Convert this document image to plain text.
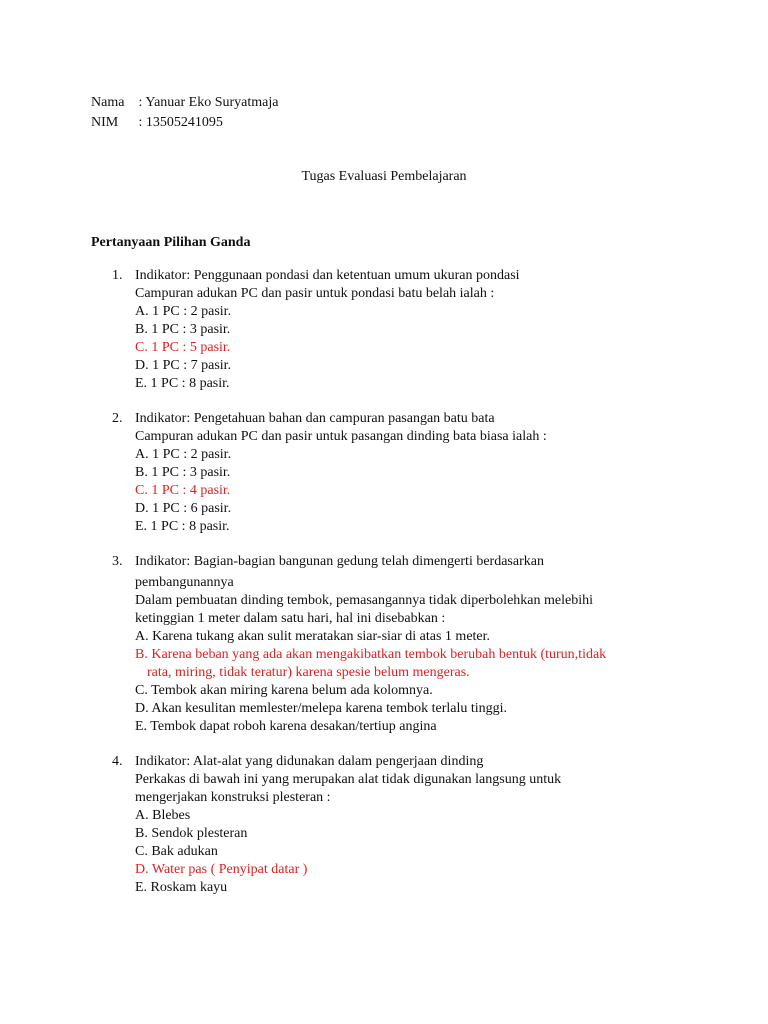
Nama : Yanuar Eko Suryatmaja
NIM : 13505241095
Tugas Evaluasi Pembelajaran
Pertanyaan Pilihan Ganda
1. Indikator: Penggunaan pondasi dan ketentuan umum ukuran pondasi
Campuran adukan PC dan pasir untuk pondasi batu belah ialah :
A. 1 PC : 2 pasir.
B. 1 PC : 3 pasir.
C. 1 PC : 5 pasir.
D. 1 PC : 7 pasir.
E. 1 PC : 8 pasir.
2. Indikator: Pengetahuan bahan dan campuran pasangan batu bata
Campuran adukan PC dan pasir untuk pasangan dinding bata biasa ialah :
A. 1 PC : 2 pasir.
B. 1 PC : 3 pasir.
C. 1 PC : 4 pasir.
D. 1 PC : 6 pasir.
E. 1 PC : 8 pasir.
3. Indikator: Bagian-bagian bangunan gedung telah dimengerti berdasarkan
pembangunannya
Dalam pembuatan dinding tembok, pemasangannya tidak diperbolehkan melebihi
ketinggian 1 meter dalam satu hari, hal ini disebabkan :
A. Karena tukang akan sulit meratakan siar-siar di atas 1 meter.
B. Karena beban yang ada akan mengakibatkan tembok berubah bentuk (turun,tidak
rata, miring, tidak teratur) karena spesie belum mengeras.
C. Tembok akan miring karena belum ada kolomnya.
D. Akan kesulitan memlester/melepa karena tembok terlalu tinggi.
E. Tembok dapat roboh karena desakan/tertiup angina
4. Indikator: Alat-alat yang didunakan dalam pengerjaan dinding
Perkakas di bawah ini yang merupakan alat tidak digunakan langsung untuk
mengerjakan konstruksi plesteran :
A. Blebes
B. Sendok plesteran
C. Bak adukan
D. Water pas ( Penyipat datar )
E. Roskam kayu
